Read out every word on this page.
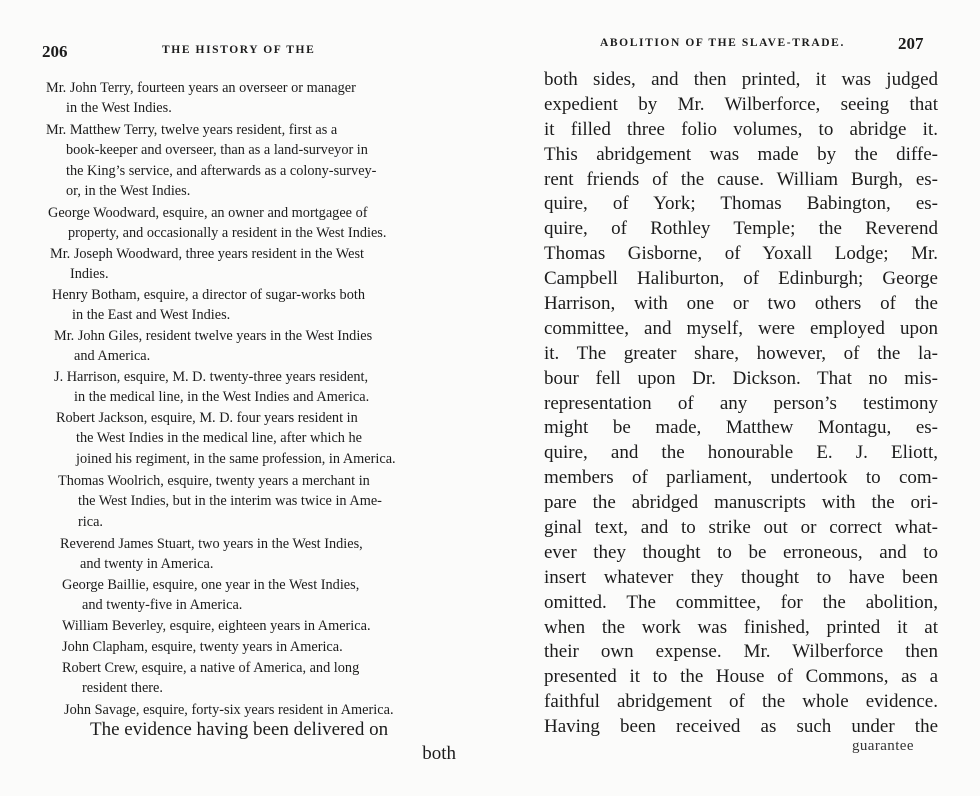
206	THE HISTORY OF THE
Mr. John Terry, fourteen years an overseer or manager
in the West Indies.
Mr. Matthew Terry, twelve years resident, first as a
book-keeper and overseer, than as a land-surveyor in
the King’s service, and afterwards as a colony-survey-
or, in the West Indies.
George Woodward, esquire, an owner and mortgagee of
property, and occasionally a resident in the West Indies.
Mr. Joseph Woodward, three years resident in the West
Indies.
Henry Botham, esquire, a director of sugar-works both
in the East and West Indies.
Mr. John Giles, resident twelve years in the West Indies
and America.
J. Harrison, esquire, M. D. twenty-three years resident,
in the medical line, in the West Indies and America.
Robert Jackson, esquire, M. D. four years resident in
the West Indies in the medical line, after which he
joined his regiment, in the same profession, in America.
Thomas Woolrich, esquire, twenty years a merchant in
the West Indies, but in the interim was twice in Ame-
rica.
Reverend James Stuart, two years in the West Indies,
and twenty in America.
George Baillie, esquire, one year in the West Indies,
and twenty-five in America.
William Beverley, esquire, eighteen years in America.
John Clapham, esquire, twenty years in America.
Robert Crew, esquire, a native of America, and long
resident there.
John Savage, esquire, forty-six years resident in America.
The evidence having been delivered on
both
ABOLITION OF THE SLAVE-TRADE.	207
both sides, and then printed, it was judged
expedient by Mr. Wilberforce, seeing that
it filled three folio volumes, to abridge it.
This abridgement was made by the diffe-
rent friends of the cause. William Burgh, es-
quire, of York; Thomas Babington, es-
quire, of Rothley Temple; the Reverend
Thomas Gisborne, of Yoxall Lodge; Mr.
Campbell Haliburton, of Edinburgh; George
Harrison, with one or two others of the
committee, and myself, were employed upon
it. The greater share, however, of the la-
bour fell upon Dr. Dickson. That no mis-
representation of any person’s testimony
might be made, Matthew Montagu, es-
quire, and the honourable E. J. Eliott,
members of parliament, undertook to com-
pare the abridged manuscripts with the ori-
ginal text, and to strike out or correct what-
ever they thought to be erroneous, and to
insert whatever they thought to have been
omitted. The committee, for the abolition,
when the work was finished, printed it at
their own expense. Mr. Wilberforce then
presented it to the House of Commons, as a
faithful abridgement of the whole evidence.
Having been received as such under the
guarantee
